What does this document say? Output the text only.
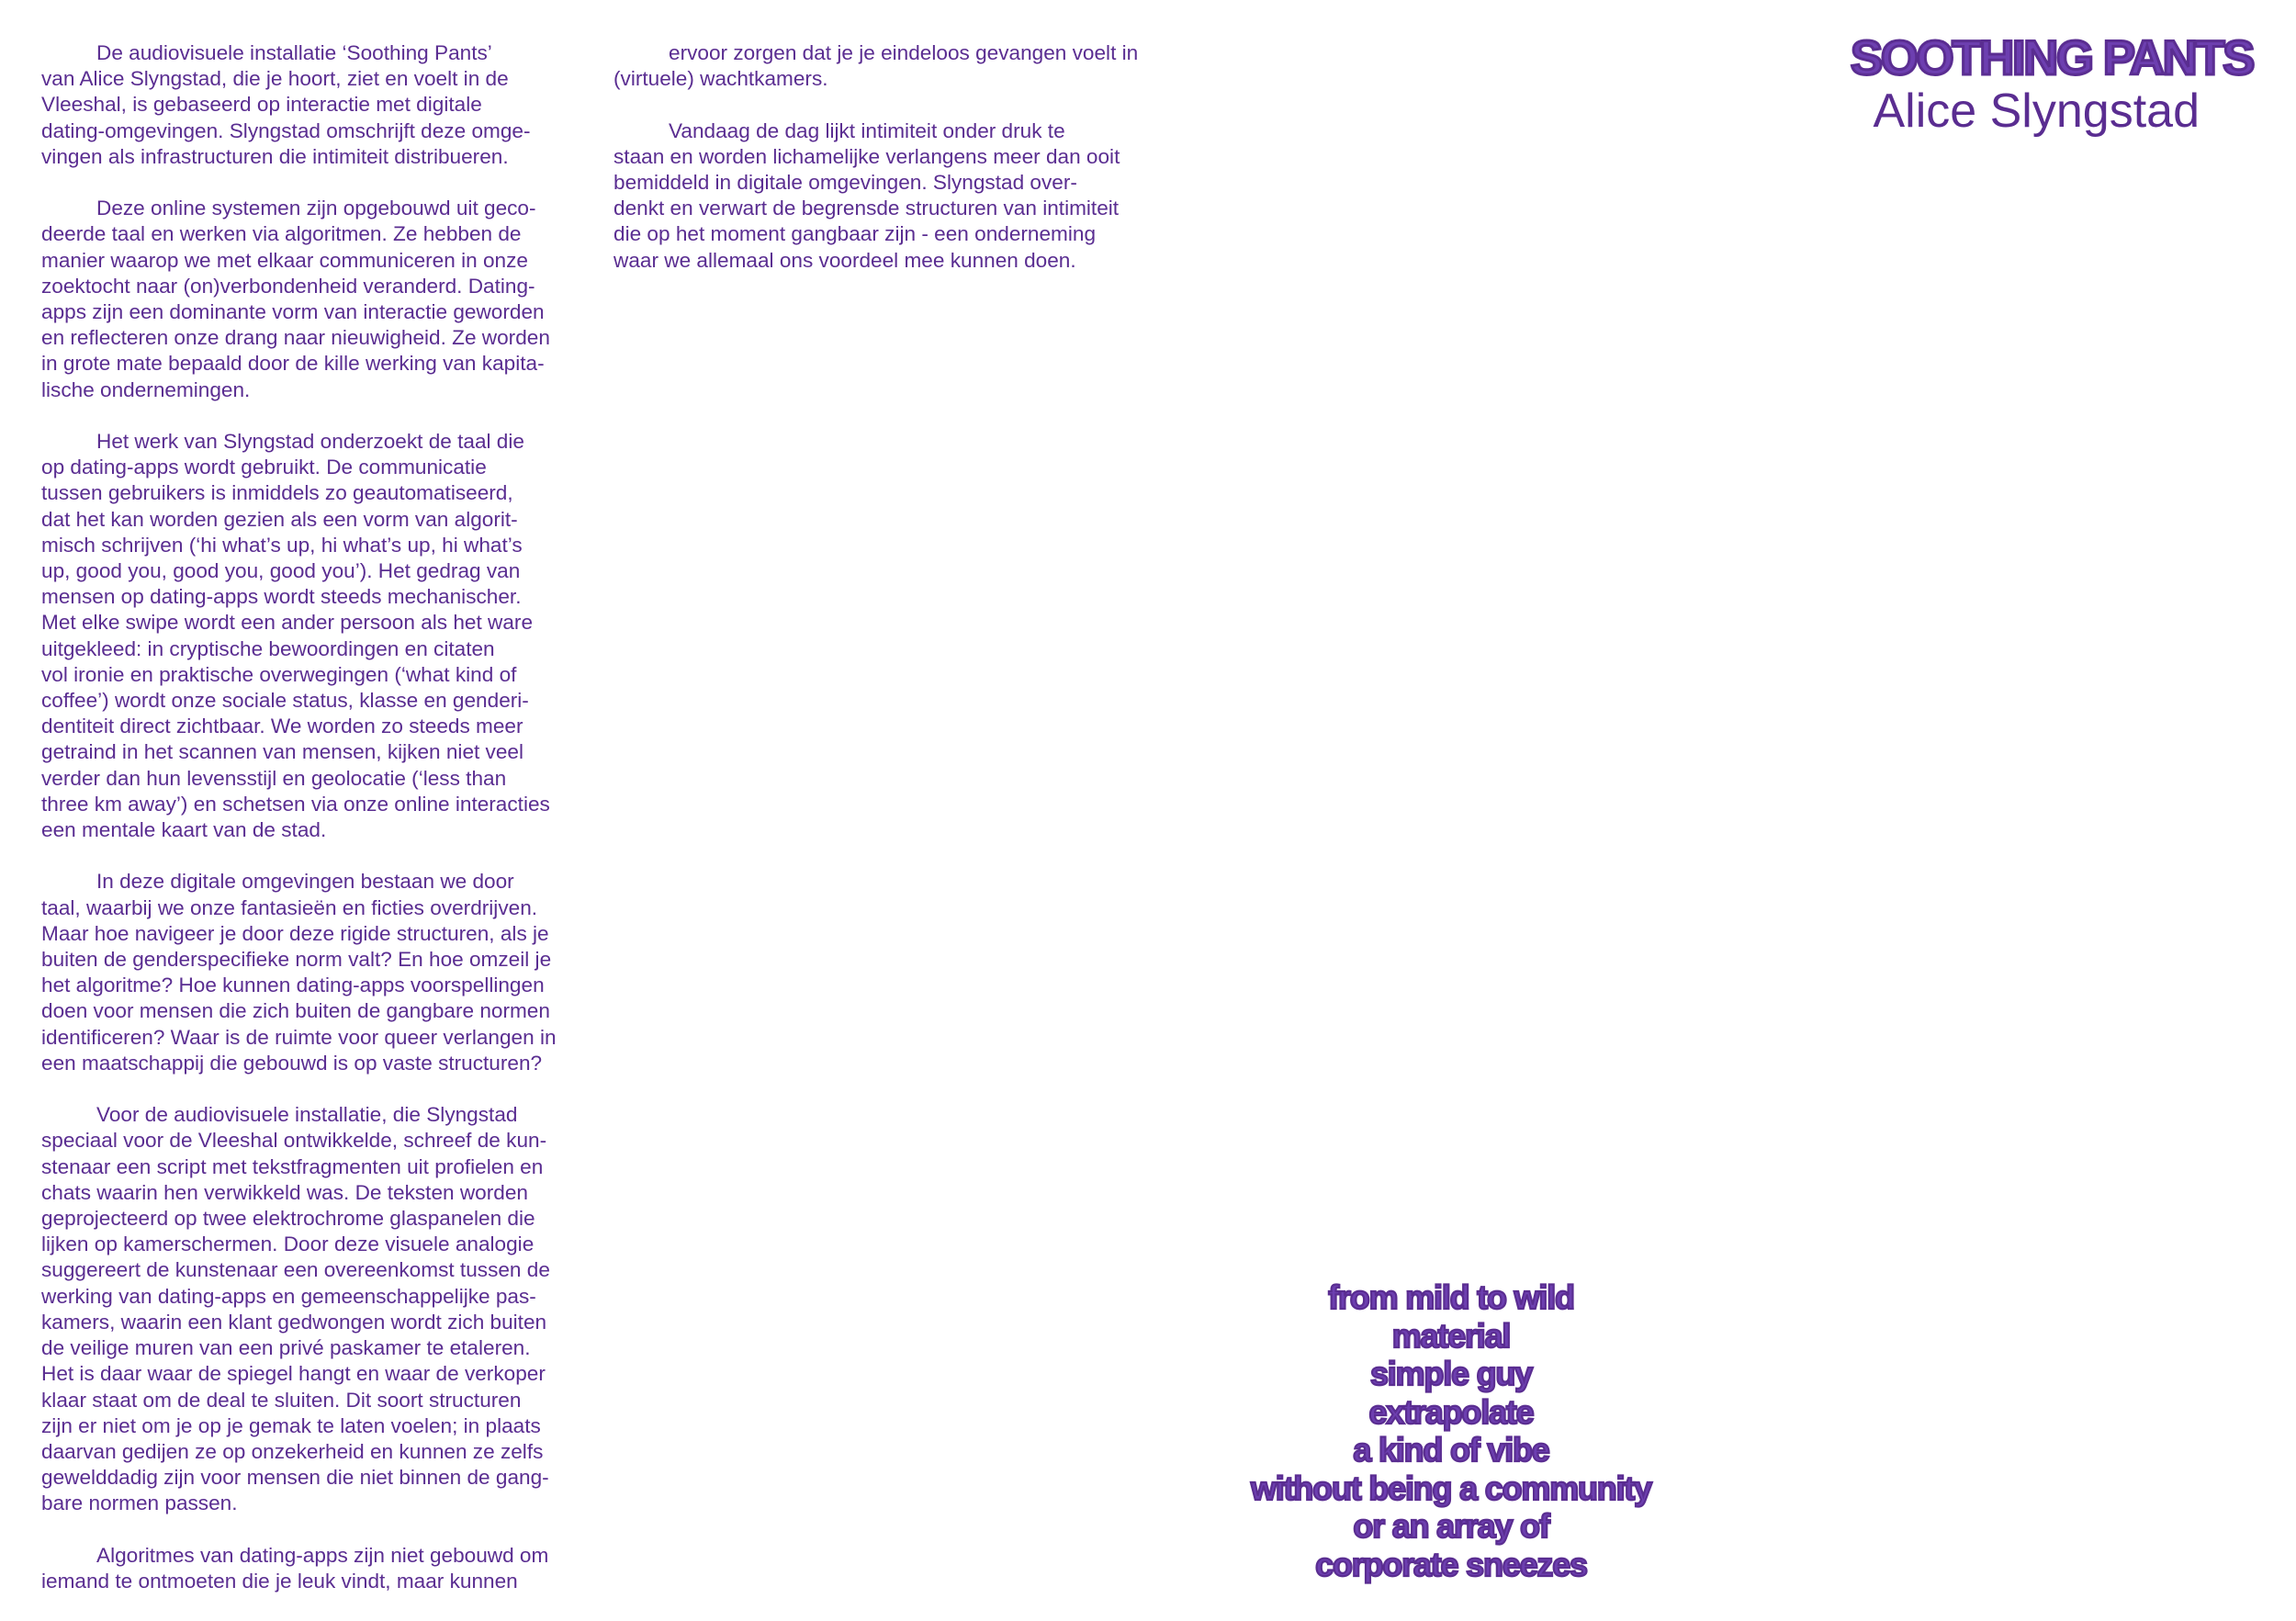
De audiovisuele installatie ‘Soothing Pants’
van Alice Slyngstad, die je hoort, ziet en voelt in de
Vleeshal, is gebaseerd op interactie met digitale
dating-omgevingen. Slyngstad omschrijft deze omge-
vingen als infrastructuren die intimiteit distribueren.
Deze online systemen zijn opgebouwd uit geco-
deerde taal en werken via algoritmen. Ze hebben de
manier waarop we met elkaar communiceren in onze
zoektocht naar (on)verbondenheid veranderd. Dating-
apps zijn een dominante vorm van interactie geworden
en reflecteren onze drang naar nieuwigheid. Ze worden
in grote mate bepaald door de kille werking van kapita-
lische ondernemingen.
Het werk van Slyngstad onderzoekt de taal die
op dating-apps wordt gebruikt. De communicatie
tussen gebruikers is inmiddels zo geautomatiseerd,
dat het kan worden gezien als een vorm van algorit-
misch schrijven (‘hi what’s up, hi what’s up, hi what’s
up, good you, good you, good you’). Het gedrag van
mensen op dating-apps wordt steeds mechanischer.
Met elke swipe wordt een ander persoon als het ware
uitgekleed: in cryptische bewoordingen en citaten
vol ironie en praktische overwegingen (‘what kind of
coffee’) wordt onze sociale status, klasse en genderi-
dentiteit direct zichtbaar. We worden zo steeds meer
getraind in het scannen van mensen, kijken niet veel
verder dan hun levensstijl en geolocatie (‘less than
three km away’) en schetsen via onze online interacties
een mentale kaart van de stad.
In deze digitale omgevingen bestaan we door
taal, waarbij we onze fantasieën en ficties overdrijven.
Maar hoe navigeer je door deze rigide structuren, als je
buiten de genderspecifieke norm valt? En hoe omzeil je
het algoritme? Hoe kunnen dating-apps voorspellingen
doen voor mensen die zich buiten de gangbare normen
identificeren? Waar is de ruimte voor queer verlangen in
een maatschappij die gebouwd is op vaste structuren?
Voor de audiovisuele installatie, die Slyngstad
speciaal voor de Vleeshal ontwikkelde, schreef de kun-
stenaar een script met tekstfragmenten uit profielen en
chats waarin hen verwikkeld was. De teksten worden
geprojecteerd op twee elektrochrome glaspanelen die
lijken op kamerschermen. Door deze visuele analogie
suggereert de kunstenaar een overeenkomst tussen de
werking van dating-apps en gemeenschappelijke pas-
kamers, waarin een klant gedwongen wordt zich buiten
de veilige muren van een privé paskamer te etaleren.
Het is daar waar de spiegel hangt en waar de verkoper
klaar staat om de deal te sluiten. Dit soort structuren
zijn er niet om je op je gemak te laten voelen; in plaats
daarvan gedijen ze op onzekerheid en kunnen ze zelfs
gewelddadig zijn voor mensen die niet binnen de gang-
bare normen passen.
Algoritmes van dating-apps zijn niet gebouwd om
iemand te ontmoeten die je leuk vindt, maar kunnen
ervoor zorgen dat je je eindeloos gevangen voelt in
(virtuele) wachtkamers.
Vandaag de dag lijkt intimiteit onder druk te
staan en worden lichamelijke verlangens meer dan ooit
bemiddeld in digitale omgevingen. Slyngstad over-
denkt en verwart de begrensde structuren van intimiteit
die op het moment gangbaar zijn - een onderneming
waar we allemaal ons voordeel mee kunnen doen.
SOOTHING PANTS
Alice Slyngstad
from mild to wild
material
simple guy
extrapolate
a kind of vibe
without being a community
or an array of
corporate sneezes
